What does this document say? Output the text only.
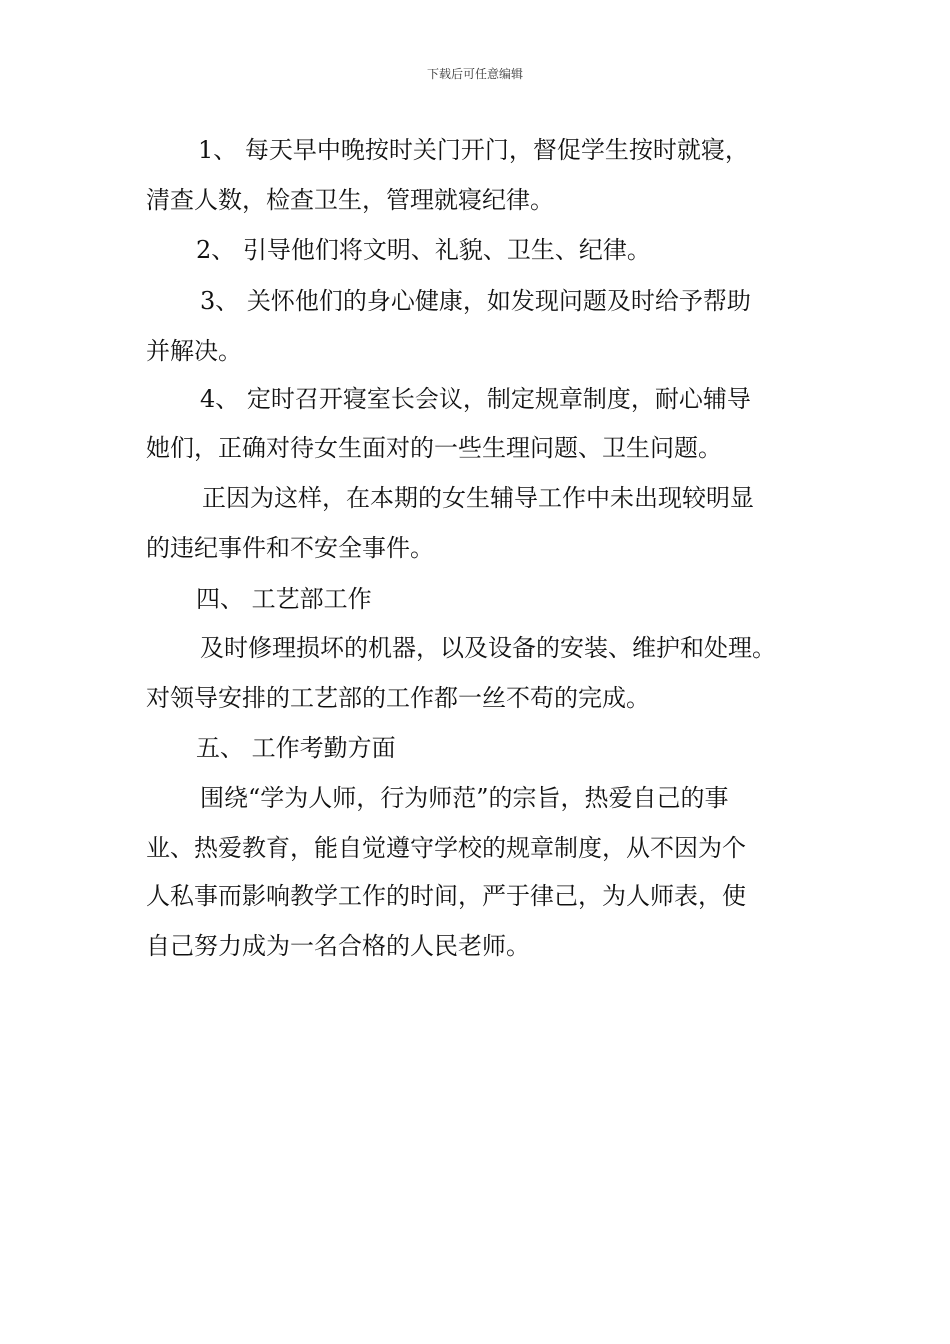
下载后可任意编辑
1、 每天早中晚按时关门开门，督促学生按时就寝，
清查人数，检查卫生，管理就寝纪律。
2、 引导他们将文明、礼貌、卫生、纪律。
3、 关怀他们的身心健康，如发现问题及时给予帮助
并解决。
4、 定时召开寝室长会议，制定规章制度，耐心辅导
她们，正确对待女生面对的一些生理问题、卫生问题。
正因为这样，在本期的女生辅导工作中未出现较明显
的违纪事件和不安全事件。
四、 工艺部工作
及时修理损坏的机器，以及设备的安装、维护和处理。
对领导安排的工艺部的工作都一丝不苟的完成。
五、 工作考勤方面
围绕“学为人师，行为师范”的宗旨，热爱自己的事
业、热爱教育，能自觉遵守学校的规章制度，从不因为个
人私事而影响教学工作的时间，严于律己，为人师表，使
自己努力成为一名合格的人民老师。
